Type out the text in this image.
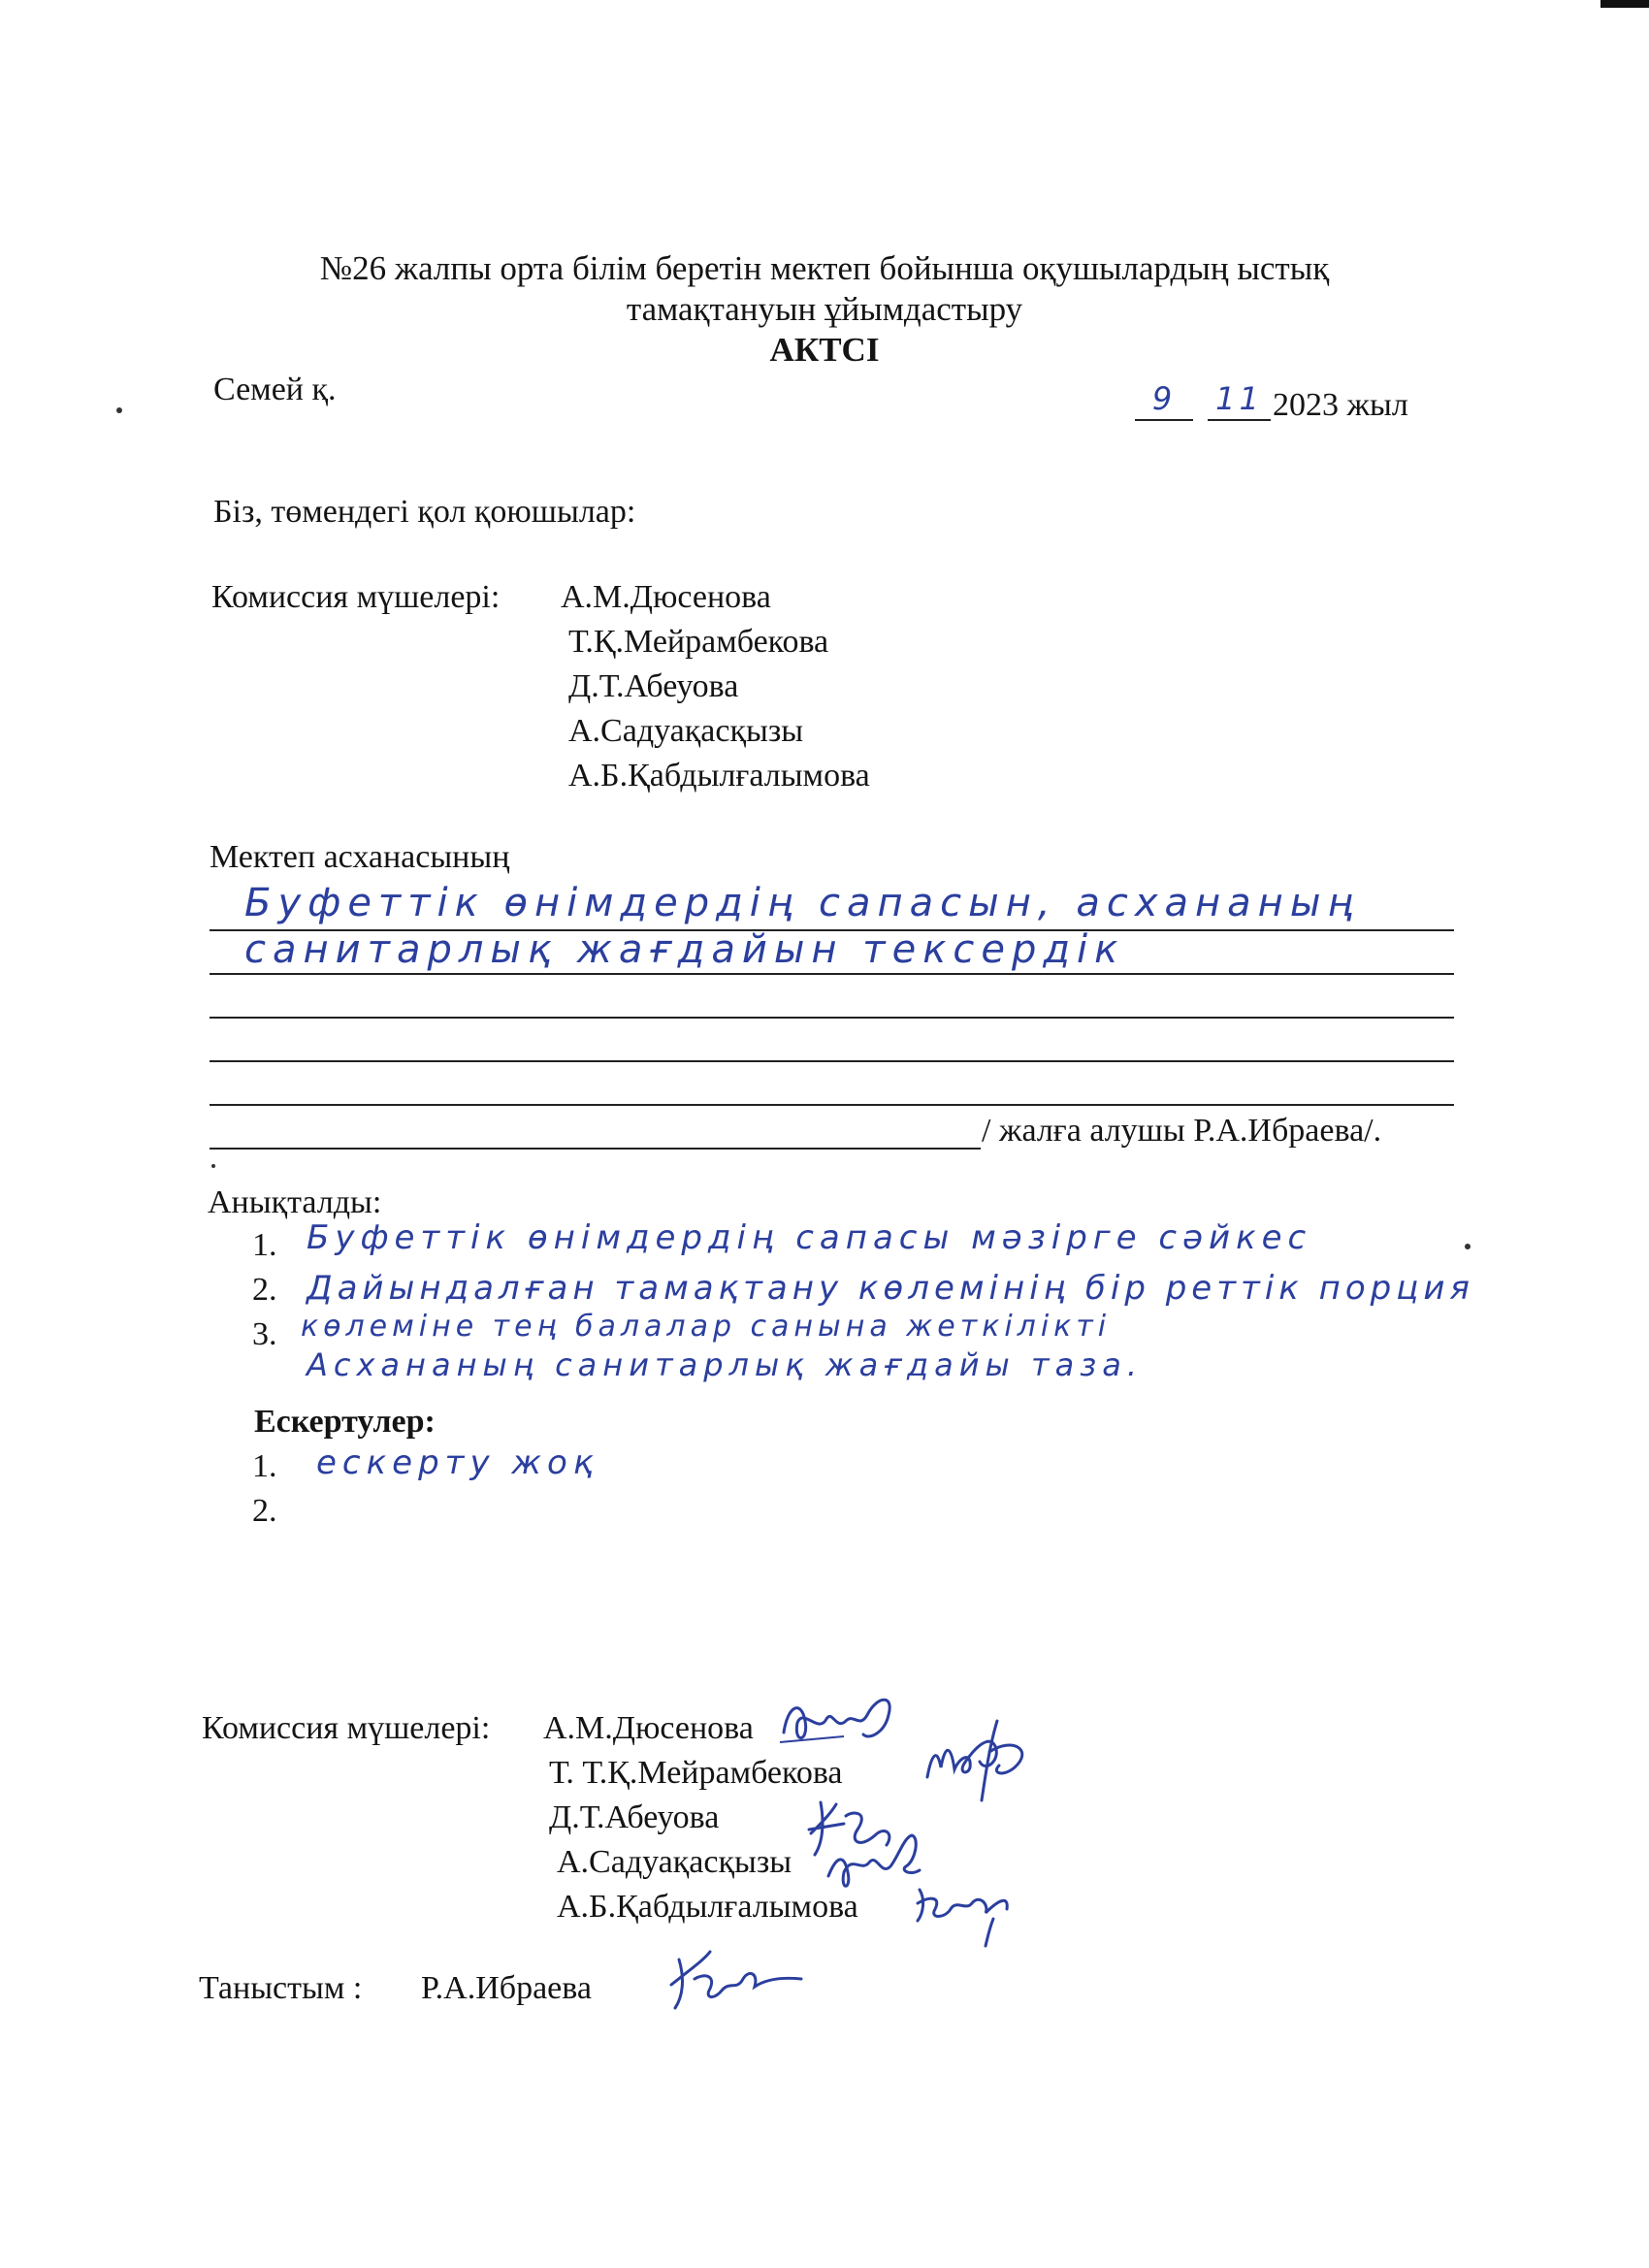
№26 жалпы орта білім беретін мектеп бойынша оқушылардың ыстық
тамақтануын ұйымдастыру
АКТСІ
Семей қ.	9	11 2023 жыл
Біз, төмендегі қол қоюшылар:
Комиссия мүшелері: А.М.Дюсенова
Т.Қ.Мейрамбекова
Д.Т.Абеуова
А.Садуақасқызы
А.Б.Қабдылғалымова
Мектеп асханасының
Буфеттік өнімдердің сапасын, асхананың
санитарлық жағдайын тексердік
/ жалға алушы Р.А.Ибраева/.
Анықталды:
1.
2.
3.
Буфеттік өнімдердің сапасы мәзірге сәйкес
Дайындалған тамақтану көлемінің бір реттік порция
көлеміне тең балалар санына жеткілікті
Асхананың санитарлық жағдайы таза.
Ескертулер:
1.
2.
ескерту жоқ
Комиссия мүшелері: А.М.Дюсенова
Т. Т.Қ.Мейрамбекова
Д.Т.Абеуова
А.Садуақасқызы
А.Б.Қабдылғалымова
Таныстым : Р.А.Ибраева
